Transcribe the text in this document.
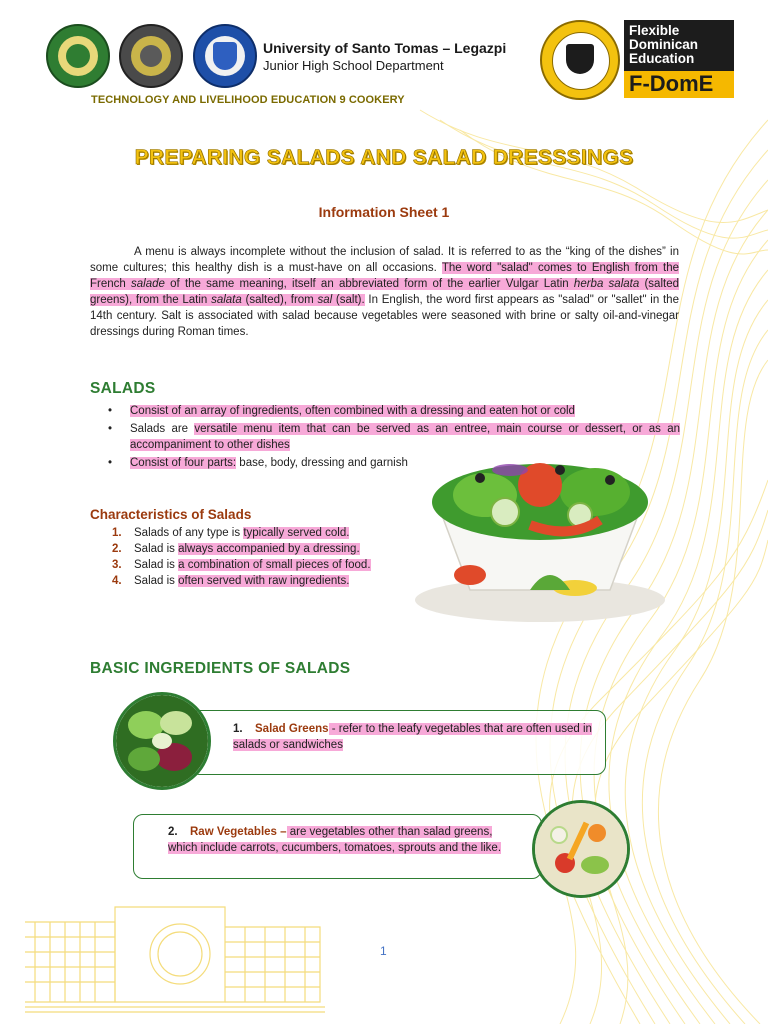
University of Santo Tomas – Legazpi
Junior High School Department
Flexible
Dominican
Education
F-DomE
TECHNOLOGY AND LIVELIHOOD EDUCATION 9 COOKERY
PREPARING SALADS AND SALAD DRESSSINGS
Information Sheet 1
A menu is always incomplete without the inclusion of salad. It is referred to as the “king of the dishes” in some cultures; this healthy dish is a must-have on all occasions. The word "salad" comes to English from the French salade of the same meaning, itself an abbreviated form of the earlier Vulgar Latin herba salata (salted greens), from the Latin salata (salted), from sal (salt). In English, the word first appears as "salad" or "sallet" in the 14th century. Salt is associated with salad because vegetables were seasoned with brine or salty oil-and-vinegar dressings during Roman times.
SALADS
•	Consist of an array of ingredients, often combined with a dressing and eaten hot or cold
•	Salads are versatile menu item that can be served as an entree, main course or dessert, or as an accompaniment to other dishes
•	Consist of four parts: base, body, dressing and garnish
Characteristics of Salads
1.	Salads of any type is typically served cold.
2.	Salad is always accompanied by a dressing.
3.	Salad is a combination of small pieces of food.
4.	Salad is often served with raw ingredients.
BASIC INGREDIENTS OF SALADS
1. Salad Greens - refer to the leafy vegetables that are often used in salads or sandwiches
2. Raw Vegetables – are vegetables other than salad greens, which include carrots, cucumbers, tomatoes, sprouts and the like.
1
